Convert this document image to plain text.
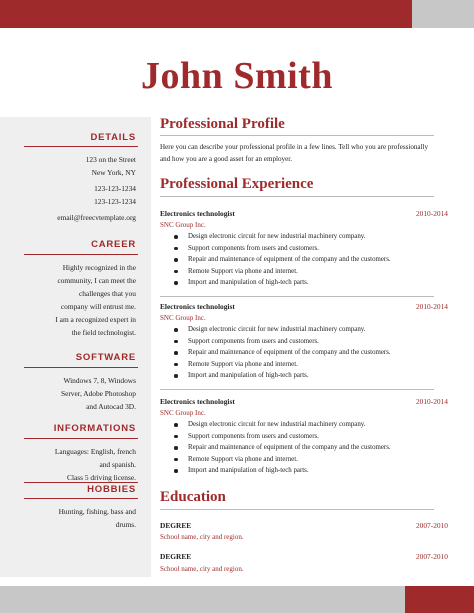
John Smith
DETAILS
123 on the Street
New York, NY
123-123-1234
123-123-1234
email@freecvtemplate.org
CAREER
Highly recognized in the
community, I can meet the
challenges that you
company will entrust me.
I am a recognized expert in
the field technologist.
SOFTWARE
Windows 7, 8, Windows
Server, Adobe Photoshop
and Autocad 3D.
INFORMATIONS
Languages: English, french
and spanish.
Class 5 driving license.
HOBBIES
Hunting, fishing, bass and
drums.
Professional Profile
Here you can describe your professional profile in a few lines. Tell who you are professionally and how you are a good asset for an employer.
Professional Experience
Electronics technologist	2010-2014
SNC Group Inc.
Design electronic circuit for new industrial machinery company.
Support components from users and customers.
Repair and maintenance of equipment of the company and the customers.
Remote Support via phone and internet.
Import and manipulation of high-tech parts.
Electronics technologist	2010-2014
SNC Group Inc.
Design electronic circuit for new industrial machinery company.
Support components from users and customers.
Repair and maintenance of equipment of the company and the customers.
Remote Support via phone and internet.
Import and manipulation of high-tech parts.
Electronics technologist	2010-2014
SNC Group Inc.
Design electronic circuit for new industrial machinery company.
Support components from users and customers.
Repair and maintenance of equipment of the company and the customers.
Remote Support via phone and internet.
Import and manipulation of high-tech parts.
Education
DEGREE	2007-2010
School name, city and region.
DEGREE	2007-2010
School name, city and region.
